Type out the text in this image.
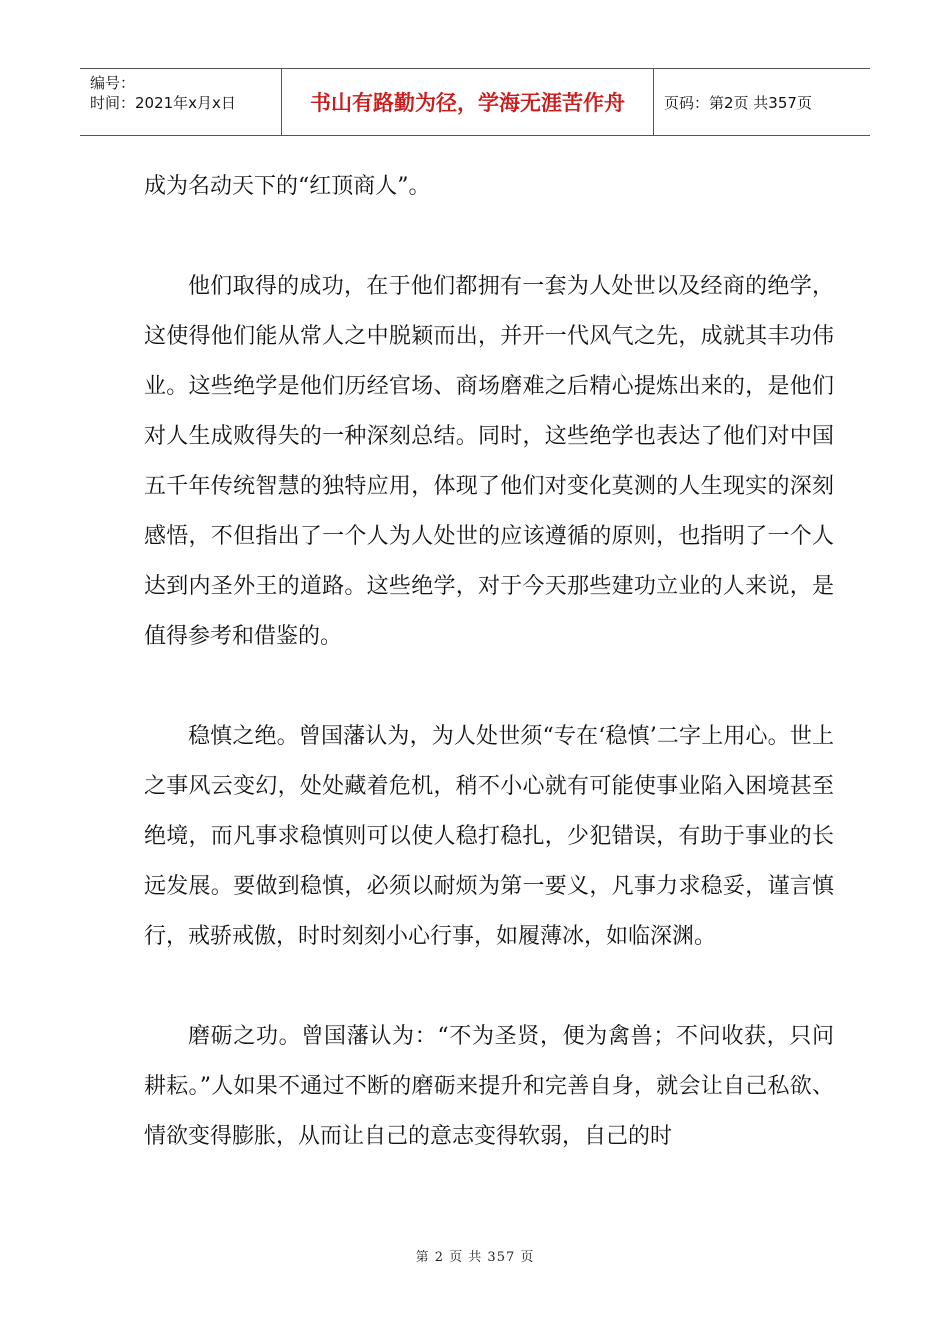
编号：
时间：2021年x月x日	书山有路勤为径，学海无涯苦作舟	页码：第2页 共357页

成为名动天下的“红顶商人”。

他们取得的成功，在于他们都拥有一套为人处世以及经商的绝学，这使得他们能从常人之中脱颖而出，并开一代风气之先，成就其丰功伟业。这些绝学是他们历经官场、商场磨难之后精心提炼出来的，是他们对人生成败得失的一种深刻总结。同时，这些绝学也表达了他们对中国五千年传统智慧的独特应用，体现了他们对变化莫测的人生现实的深刻感悟，不但指出了一个人为人处世的应该遵循的原则，也指明了一个人达到内圣外王的道路。这些绝学，对于今天那些建功立业的人来说，是值得参考和借鉴的。

稳慎之绝。曾国藩认为，为人处世须“专在‘稳慎’二字上用心。世上之事风云变幻，处处藏着危机，稍不小心就有可能使事业陷入困境甚至绝境，而凡事求稳慎则可以使人稳打稳扎，少犯错误，有助于事业的长远发展。要做到稳慎，必须以耐烦为第一要义，凡事力求稳妥，谨言慎行，戒骄戒傲，时时刻刻小心行事，如履薄冰，如临深渊。

磨砺之功。曾国藩认为：“不为圣贤，便为禽兽；不问收获，只问耕耘。”人如果不通过不断的磨砺来提升和完善自身，就会让自己私欲、情欲变得膨胀，从而让自己的意志变得软弱，自己的时

第 2 页 共 357 页
